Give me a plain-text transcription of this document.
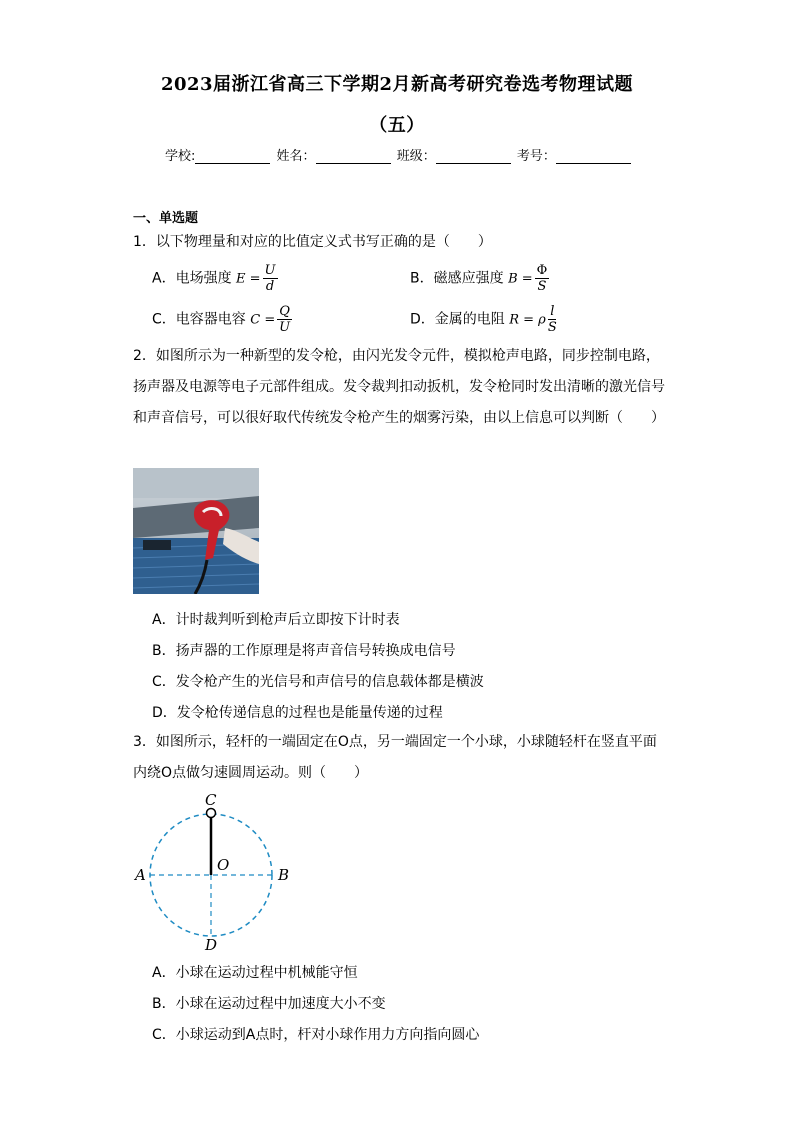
2023届浙江省高三下学期2月新高考研究卷选考物理试题
（五）
学校:	姓名：	班级：	考号：
一、单选题
1．以下物理量和对应的比值定义式书写正确的是（　　）
A．电场强度 $E = \frac{U}{d}$	B．磁感应强度 $B = \frac{\Phi}{S}$
C．电容器电容 $C = \frac{Q}{U}$	D．金属的电阻 R = ρ $\frac{l}{S}$
2．如图所示为一种新型的发令枪，由闪光发令元件，模拟枪声电路，同步控制电路，
扬声器及电源等电子元部件组成。发令裁判扣动扳机，发令枪同时发出清晰的激光信号
和声音信号，可以很好取代传统发令枪产生的烟雾污染，由以上信息可以判断（　　）
A．计时裁判听到枪声后立即按下计时表
B．扬声器的工作原理是将声音信号转换成电信号
C．发令枪产生的光信号和声信号的信息载体都是横波
D．发令枪传递信息的过程也是能量传递的过程
3．如图所示，轻杆的一端固定在O点，另一端固定一个小球，小球随轻杆在竖直平面
内绕O点做匀速圆周运动。则（　　）
C
O
A	B
D
A．小球在运动过程中机械能守恒
B．小球在运动过程中加速度大小不变
C．小球运动到A点时，杆对小球作用力方向指向圆心
